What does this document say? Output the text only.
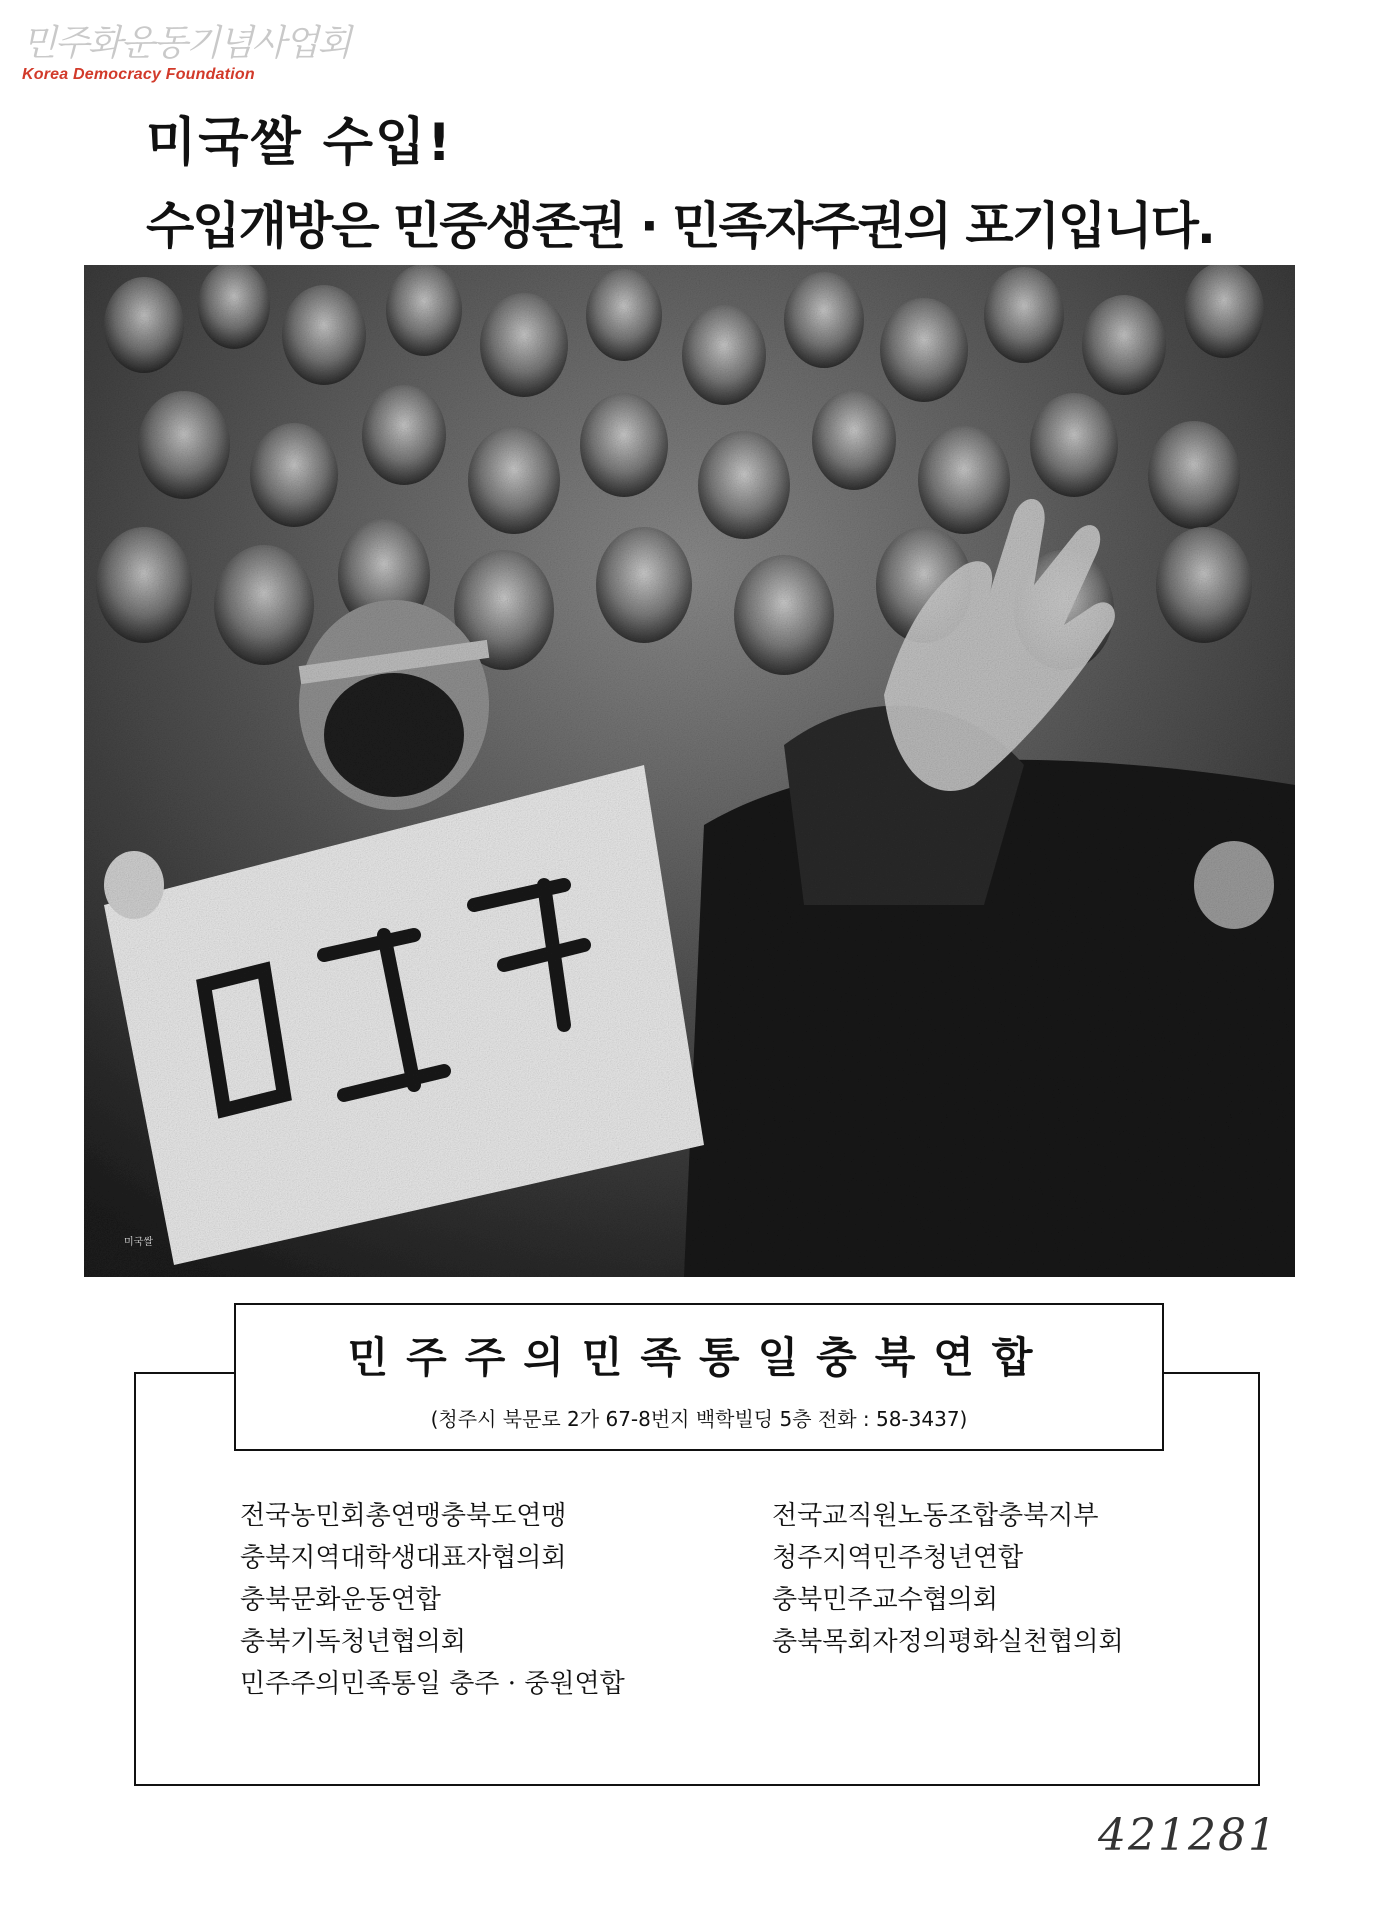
민주화운동기념사업회
Korea Democracy Foundation
미국쌀 수입!
수입개방은 민중생존권 · 민족자주권의 포기입니다.
미국쌀
민주주의민족통일충북연합
(청주시 북문로 2가 67-8번지 백학빌딩 5층 전화 : 58-3437)
전국농민회총연맹충북도연맹
충북지역대학생대표자협의회
충북문화운동연합
충북기독청년협의회
민주주의민족통일 충주 · 중원연합
전국교직원노동조합충북지부
청주지역민주청년연합
충북민주교수협의회
충북목회자정의평화실천협의회
421281
